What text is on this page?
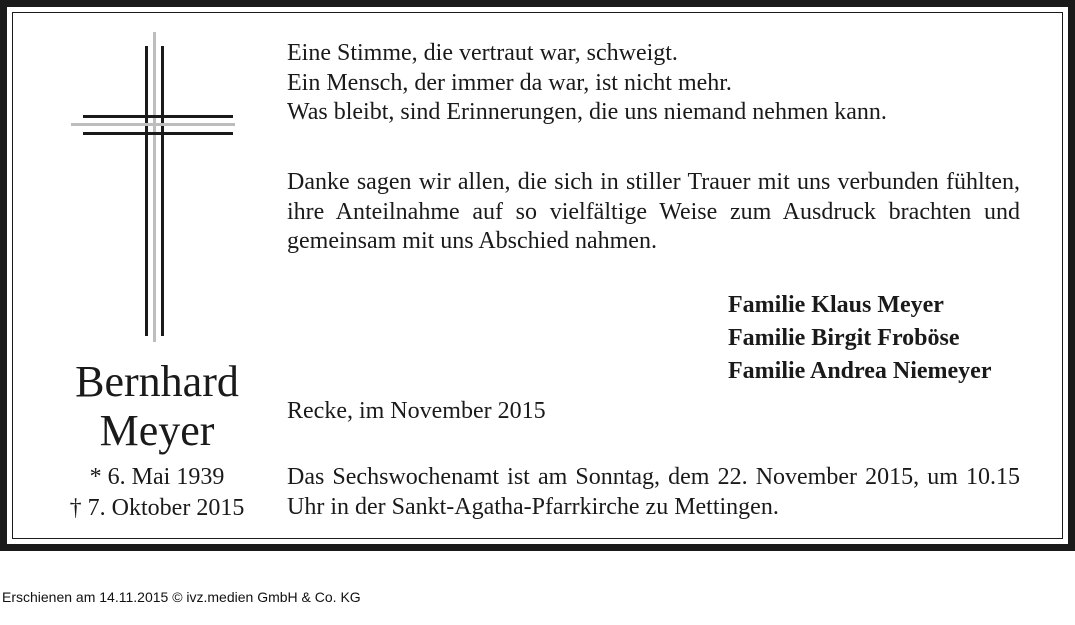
Bernhard
Meyer
* 6. Mai 1939
† 7. Oktober 2015
Eine Stimme, die vertraut war, schweigt.
Ein Mensch, der immer da war, ist nicht mehr.
Was bleibt, sind Erinnerungen, die uns niemand nehmen kann.
Danke sagen wir allen, die sich in stiller Trauer mit uns verbunden fühlten, ihre Anteilnahme auf so vielfältige Weise zum Ausdruck brachten und gemeinsam mit uns Abschied nahmen.
Familie Klaus Meyer
Familie Birgit Froböse
Familie Andrea Niemeyer
Recke, im November 2015
Das Sechswochenamt ist am Sonntag, dem 22. November 2015, um 10.15 Uhr in der Sankt-Agatha-Pfarrkirche zu Mettingen.
Erschienen am 14.11.2015 © ivz.medien GmbH & Co. KG
